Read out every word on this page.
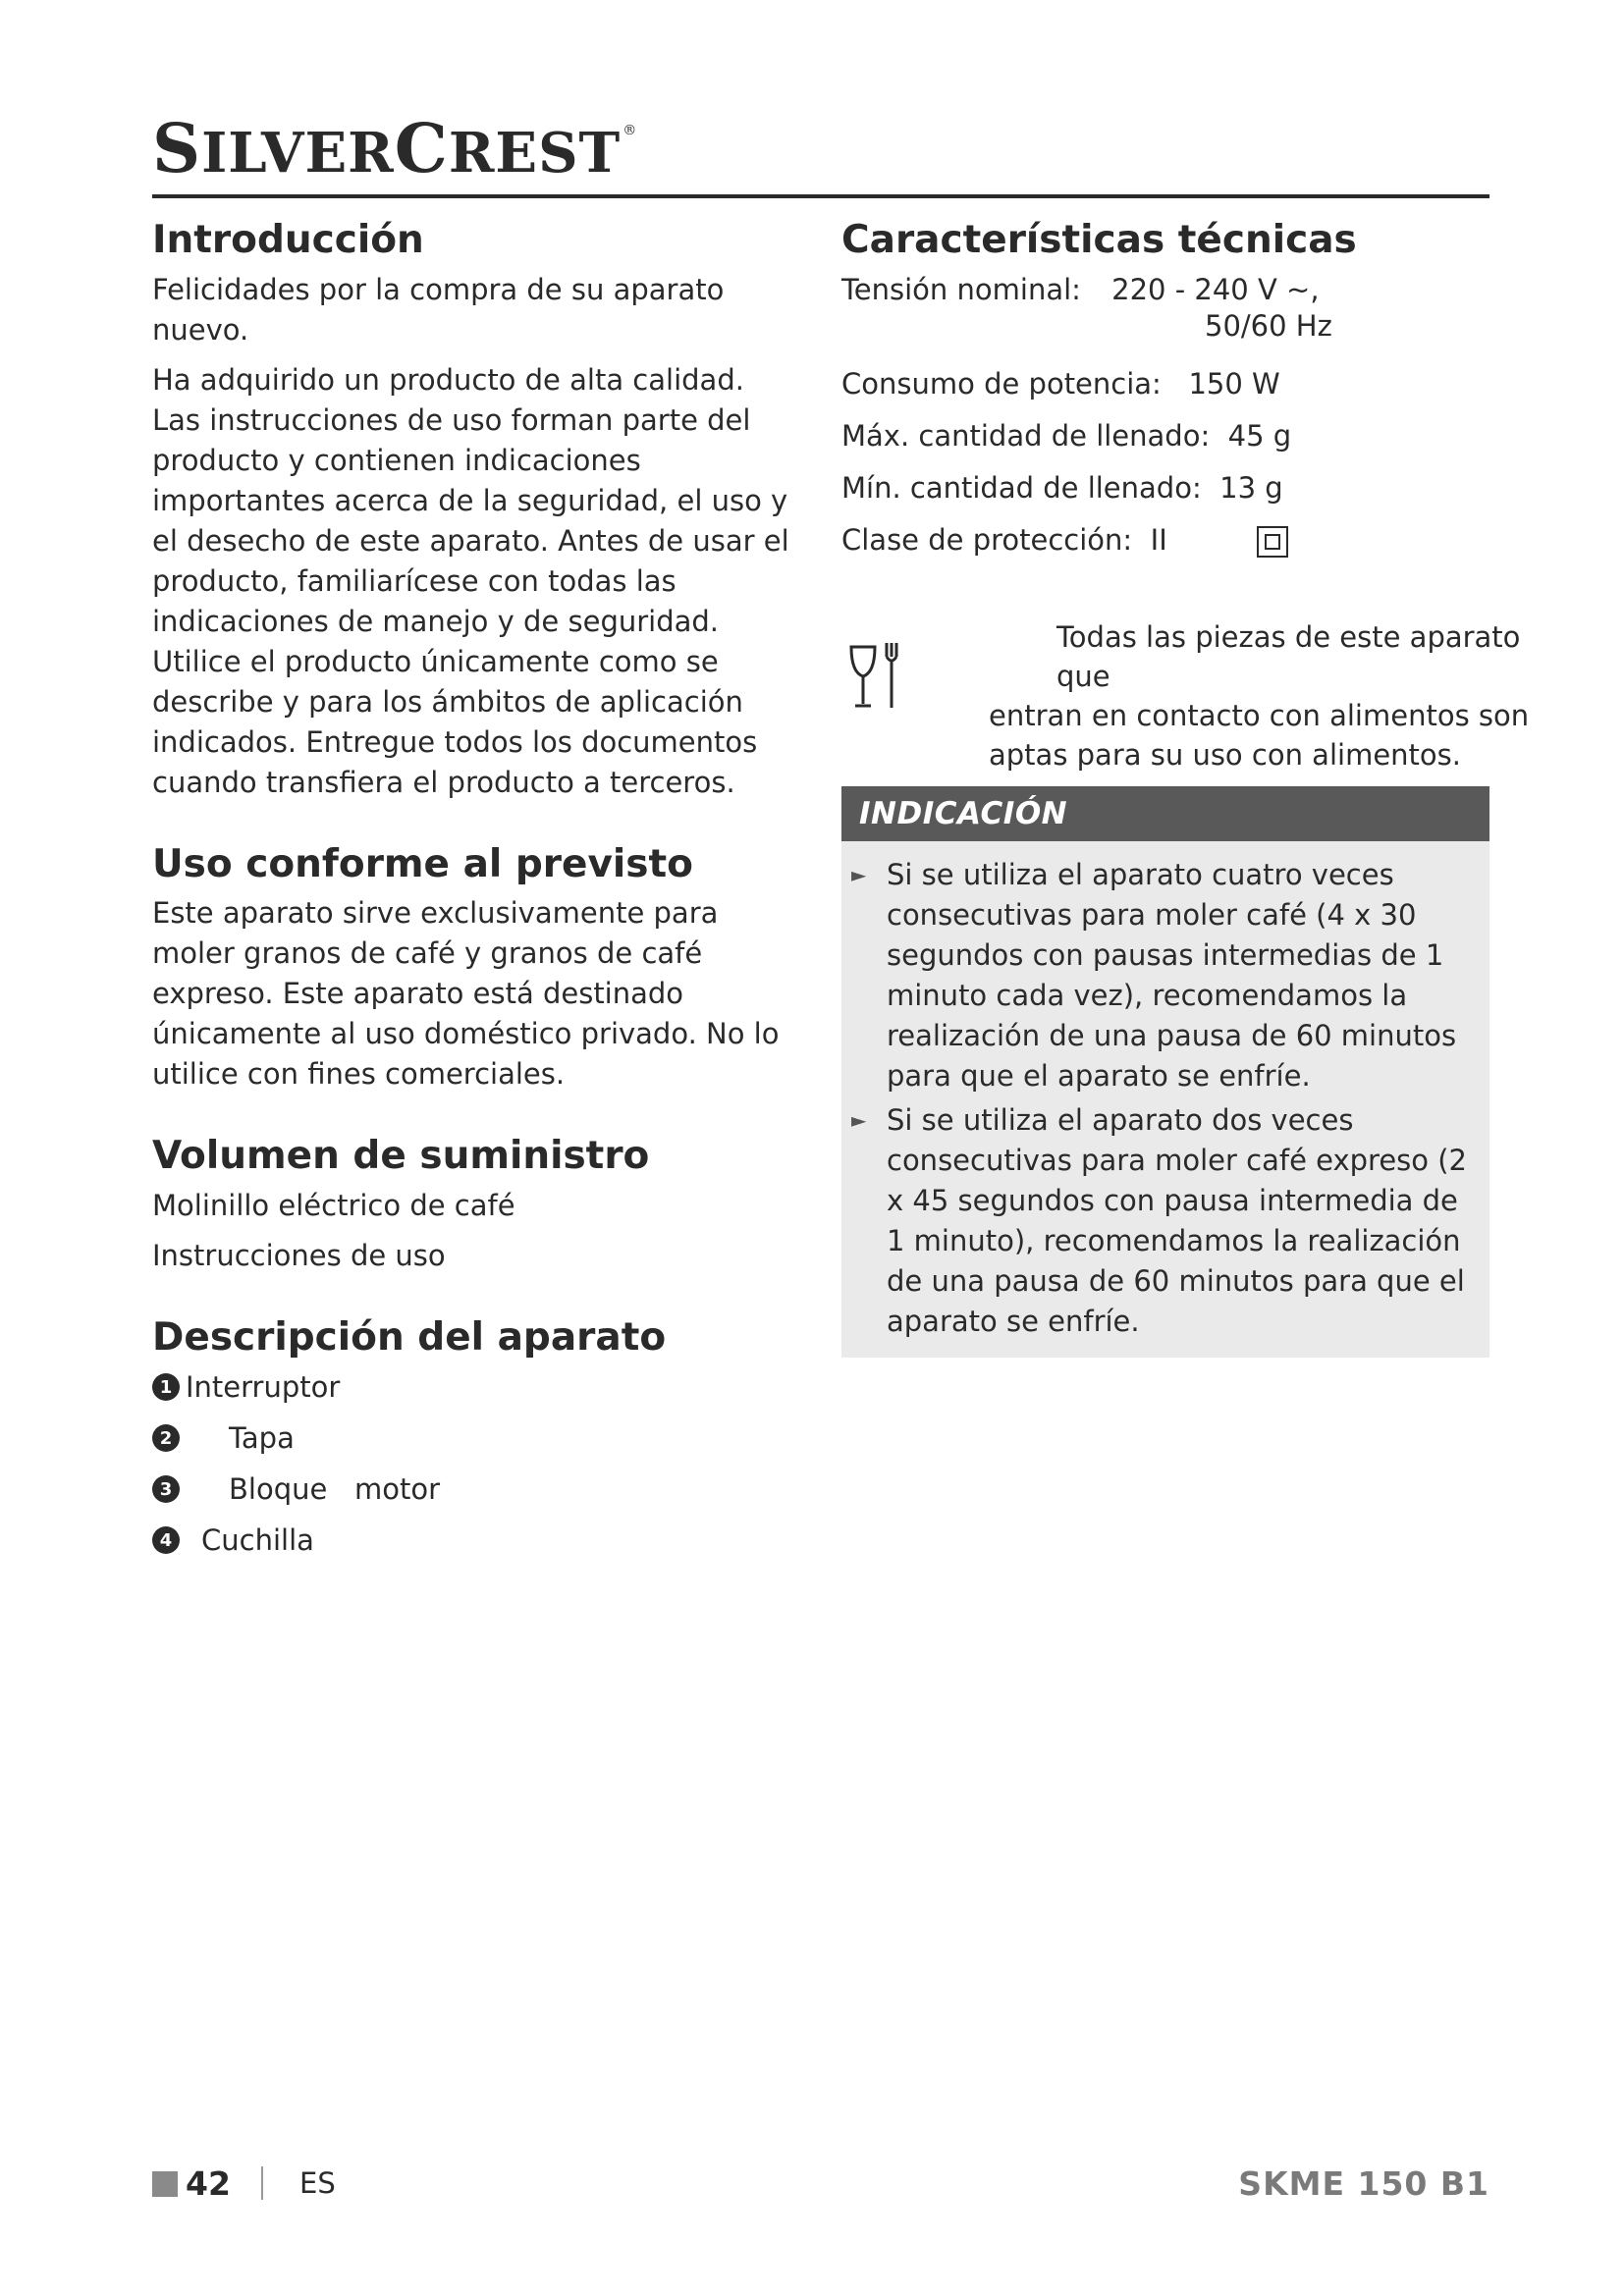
SILVERCREST ®
Introducción

Felicidades por la compra de su aparato nuevo.

Ha adquirido un producto de alta calidad. Las instrucciones de uso forman parte del producto y contienen indicaciones importantes acerca de la seguridad, el uso y el desecho de este aparato. Antes de usar el producto, familiarícese con todas las indicaciones de manejo y de seguridad. Utilice el producto únicamente como se describe y para los ámbitos de aplicación indicados. Entregue todos los documentos cuando transfiera el producto a terceros.

Uso conforme al previsto

Este aparato sirve exclusivamente para moler granos de café y granos de café expreso. Este aparato está destinado únicamente al uso doméstico privado. No lo utilice con fines comerciales.

Volumen de suministro

Molinillo eléctrico de café

Instrucciones de uso

Descripción del aparato
1 Interruptor
2 Tapa
3 Bloque   motor
4 Cuchilla
Características técnicas
Tensión nominal: 220 - 240 V ~,
50/60 Hz
Consumo de potencia:   150 W
Máx. cantidad de llenado:  45 g
Mín. cantidad de llenado:  13 g
Clase de protección:  II
Todas las piezas de este aparato que
entran en contacto con alimentos son aptas para su uso con alimentos.
INDICACIÓN
► Si se utiliza el aparato cuatro veces consecutivas para moler café (4 x 30 segundos con pausas intermedias de 1 minuto cada vez), recomendamos la realización de una pausa de 60 minutos para que el aparato se enfríe.
► Si se utiliza el aparato dos veces consecutivas para moler café expreso (2 x 45 segundos con pausa intermedia de 1 minuto), recomendamos la realización de una pausa de 60 minutos para que el aparato se enfríe.
42 ES	SKME 150 B1
